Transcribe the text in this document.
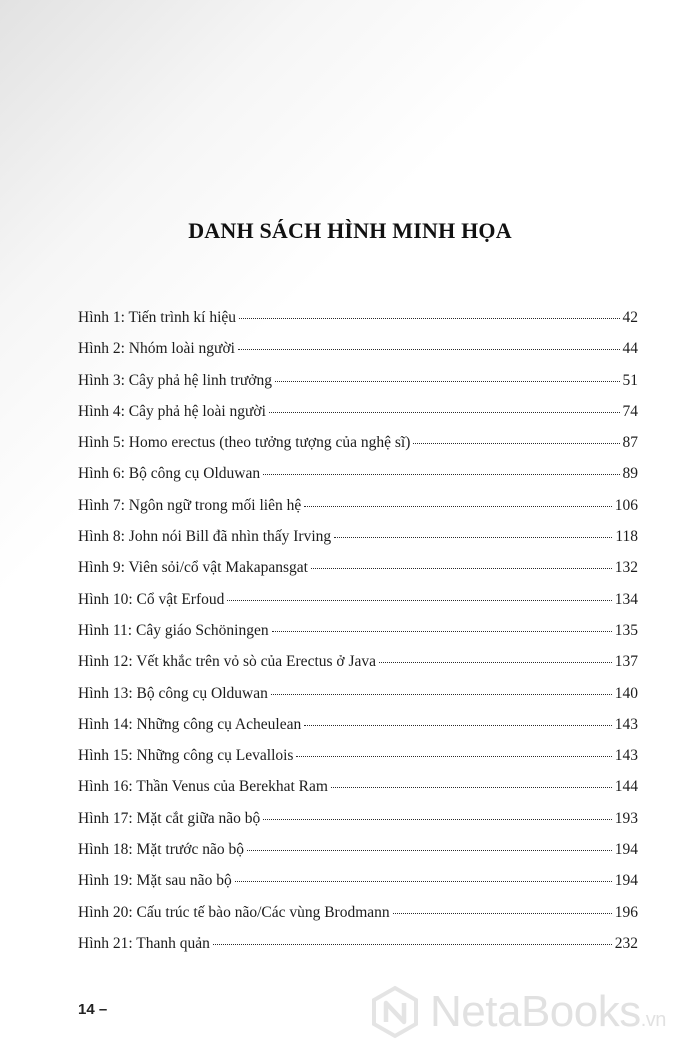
DANH SÁCH HÌNH MINH HỌA
Hình 1: Tiến trình kí hiệu	42
Hình 2: Nhóm loài người	44
Hình 3: Cây phả hệ linh trưởng	51
Hình 4: Cây phả hệ loài người	74
Hình 5: Homo erectus (theo tưởng tượng của nghệ sĩ)	87
Hình 6: Bộ công cụ Olduwan	89
Hình 7: Ngôn ngữ trong mối liên hệ	106
Hình 8: John nói Bill đã nhìn thấy Irving	118
Hình 9: Viên sỏi/cổ vật Makapansgat	132
Hình 10: Cổ vật Erfoud	134
Hình 11: Cây giáo Schöningen	135
Hình 12: Vết khắc trên vỏ sò của Erectus ở Java	137
Hình 13: Bộ công cụ Olduwan	140
Hình 14: Những công cụ Acheulean	143
Hình 15: Những công cụ Levallois	143
Hình 16: Thần Venus của Berekhat Ram	144
Hình 17: Mặt cắt giữa não bộ	193
Hình 18: Mặt trước não bộ	194
Hình 19: Mặt sau não bộ	194
Hình 20: Cấu trúc tế bào não/Các vùng Brodmann	196
Hình 21: Thanh quản	232
14 –	NetaBooks.vn
